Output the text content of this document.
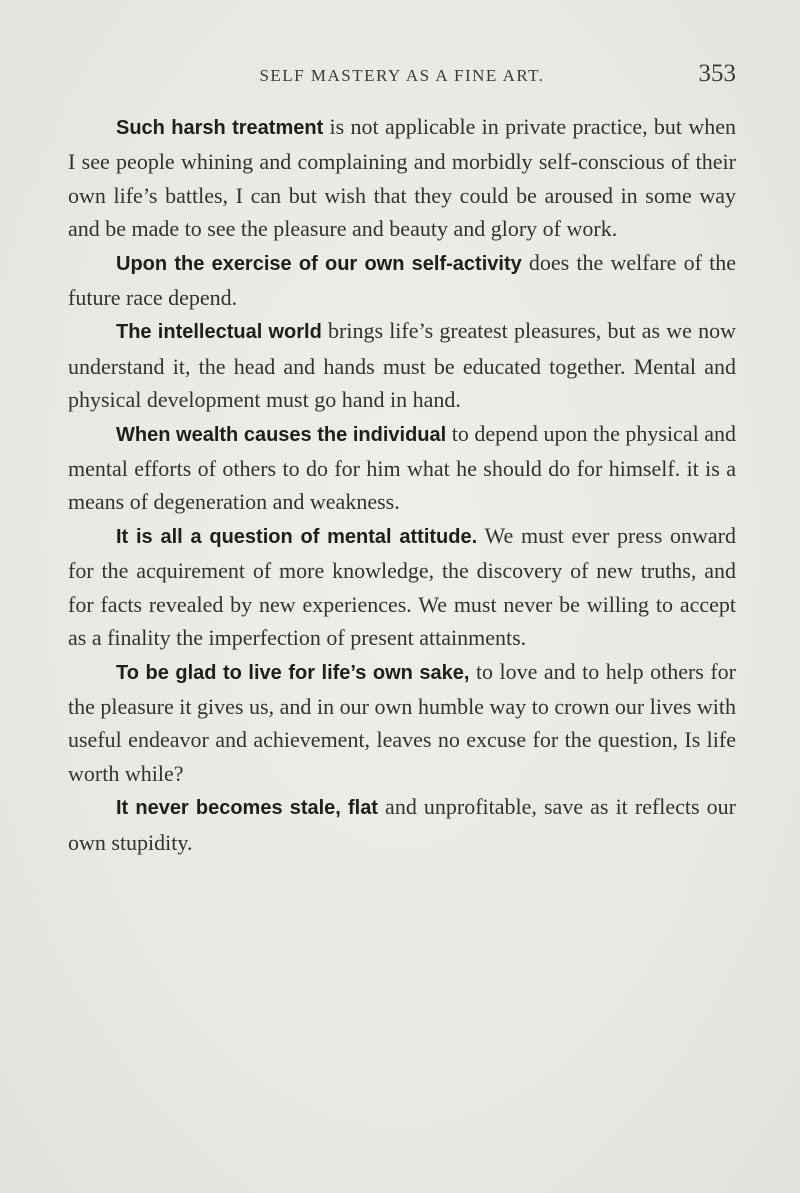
SELF MASTERY AS A FINE ART.	353

Such harsh treatment is not applicable in private practice, but when I see people whining and complaining and morbidly self-conscious of their own life’s battles, I can but wish that they could be aroused in some way and be made to see the pleasure and beauty and glory of work.

Upon the exercise of our own self-activity does the welfare of the future race depend.

The intellectual world brings life’s greatest pleasures, but as we now understand it, the head and hands must be educated together. Mental and physical development must go hand in hand.

When wealth causes the individual to depend upon the physical and mental efforts of others to do for him what he should do for himself. it is a means of degeneration and weakness.

It is all a question of mental attitude. We must ever press onward for the acquirement of more knowledge, the discovery of new truths, and for facts revealed by new experiences. We must never be willing to accept as a finality the imperfection of present attainments.

To be glad to live for life’s own sake, to love and to help others for the pleasure it gives us, and in our own humble way to crown our lives with useful endeavor and achievement, leaves no excuse for the question, Is life worth while?

It never becomes stale, flat and unprofitable, save as it reflects our own stupidity.
